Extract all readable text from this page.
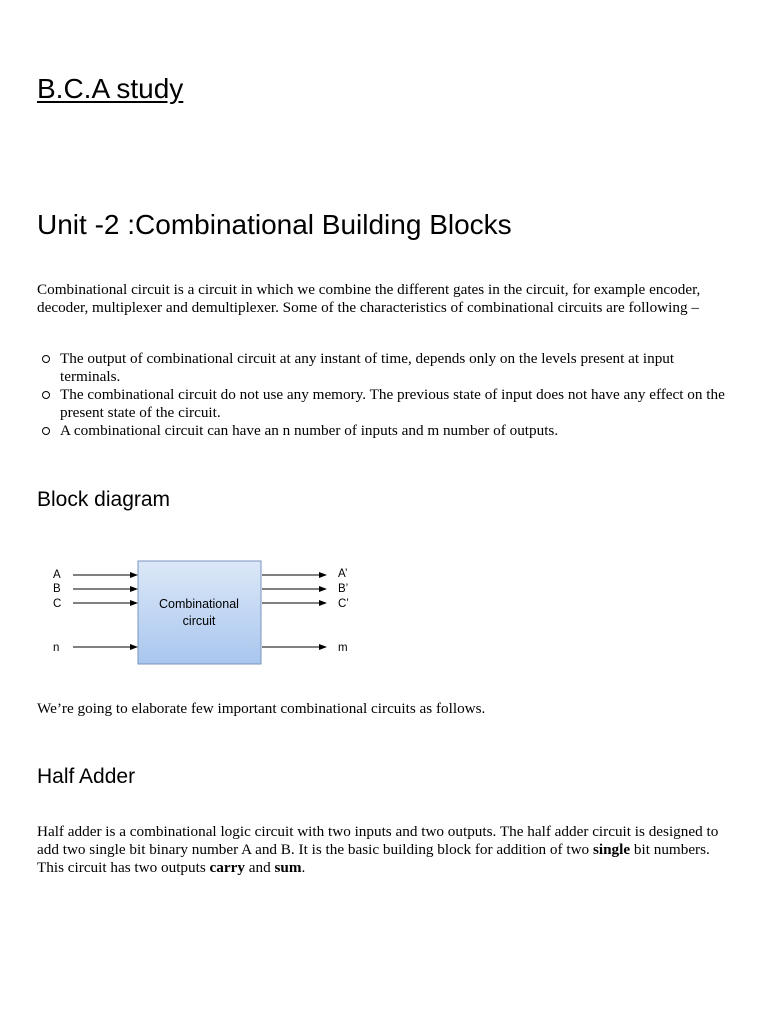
B.C.A study
Unit -2 :Combinational Building Blocks

Combinational circuit is a circuit in which we combine the different gates in the circuit, for example encoder, decoder, multiplexer and demultiplexer. Some of the characteristics of combinational circuits are following –

The output of combinational circuit at any instant of time, depends only on the levels present at input terminals.
The combinational circuit do not use any memory. The previous state of input does not have any effect on the present state of the circuit.
A combinational circuit can have an n number of inputs and m number of outputs.
Block diagram
Combinational
circuit
A
B
C
n
A’
B’
C’
m

We’re going to elaborate few important combinational circuits as follows.

Half Adder

Half adder is a combinational logic circuit with two inputs and two outputs. The half adder circuit is designed to add two single bit binary number A and B. It is the basic building block for addition of two single bit numbers. This circuit has two outputs carry and sum.
